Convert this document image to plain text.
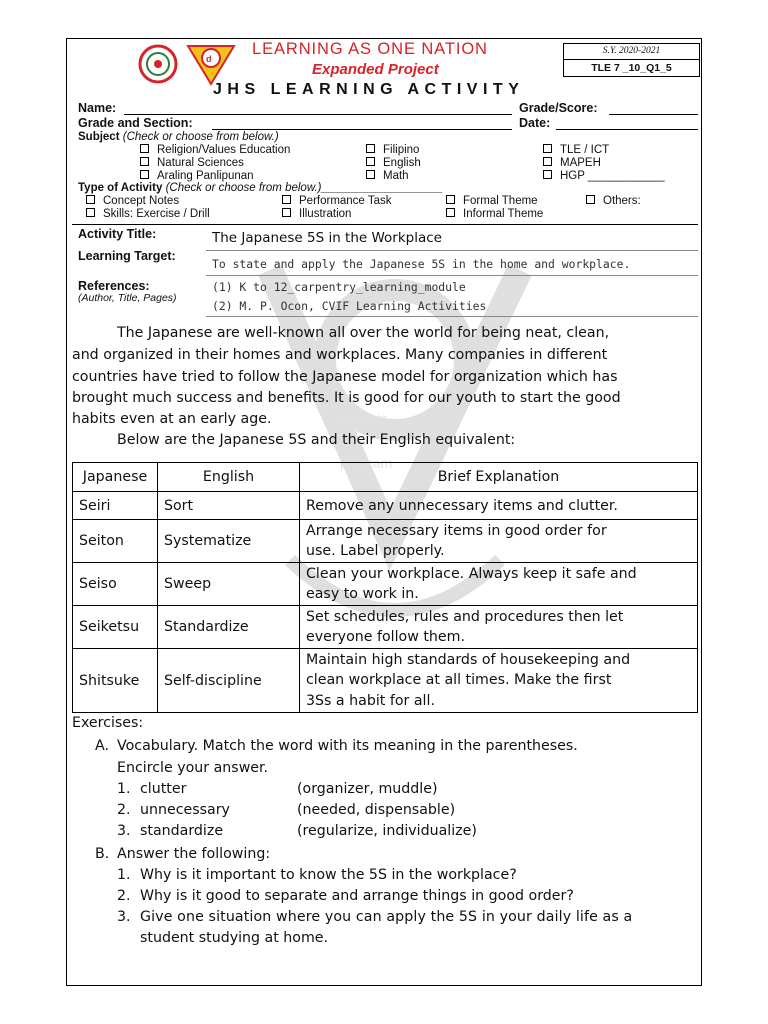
dynamic
program
d
LEARNING AS ONE NATION
Expanded Project
S.Y. 2020-2021
TLE 7 _10_Q1_5
JHS LEARNING ACTIVITY
Name:	Grade/Score:
Grade and Section:	Date:
Subject (Check or choose from below.)
Religion/Values Education
Natural Sciences
Araling Panlipunan
Filipino
English
Math
TLE / ICT
MAPEH
HGP ____________
Type of Activity (Check or choose from below.)___________________
Concept Notes
Skills: Exercise / Drill
Performance Task
Illustration
Formal Theme
Informal Theme
Others:
Activity Title:	The Japanese 5S in the Workplace
Learning Target:
To state and apply the Japanese 5S in the home and workplace.
References:
(Author, Title, Pages)
(1) K to 12_carpentry_learning_module
(2) M. P. Ocon, CVIF Learning Activities
The Japanese are well-known all over the world for being neat, clean,
and organized in their homes and workplaces. Many companies in different
countries have tried to follow the Japanese model for organization which has
brought much success and benefits. It is good for our youth to start the good
habits even at an early age.
Below are the Japanese 5S and their English equivalent:
Japanese	English	Brief Explanation
Seiri	Sort	Remove any unnecessary items and clutter.

Seiton	Systematize	Arrange necessary items in good order for
use. Label properly.

Seiso	Sweep	Clean your workplace. Always keep it safe and
easy to work in.

Seiketsu	Standardize	Set schedules, rules and procedures then let
everyone follow them.

Shitsuke	Self-discipline	Maintain high standards of housekeeping and
clean workplace at all times. Make the first
3Ss a habit for all.
Exercises:
A. Vocabulary. Match the word with its meaning in the parentheses.
Encircle your answer.
1. clutter	(organizer, muddle)
2. unnecessary	(needed, dispensable)
3. standardize	(regularize, individualize)
B. Answer the following:
1. Why is it important to know the 5S in the workplace?
2. Why is it good to separate and arrange things in good order?
3. Give one situation where you can apply the 5S in your daily life as a
student studying at home.
